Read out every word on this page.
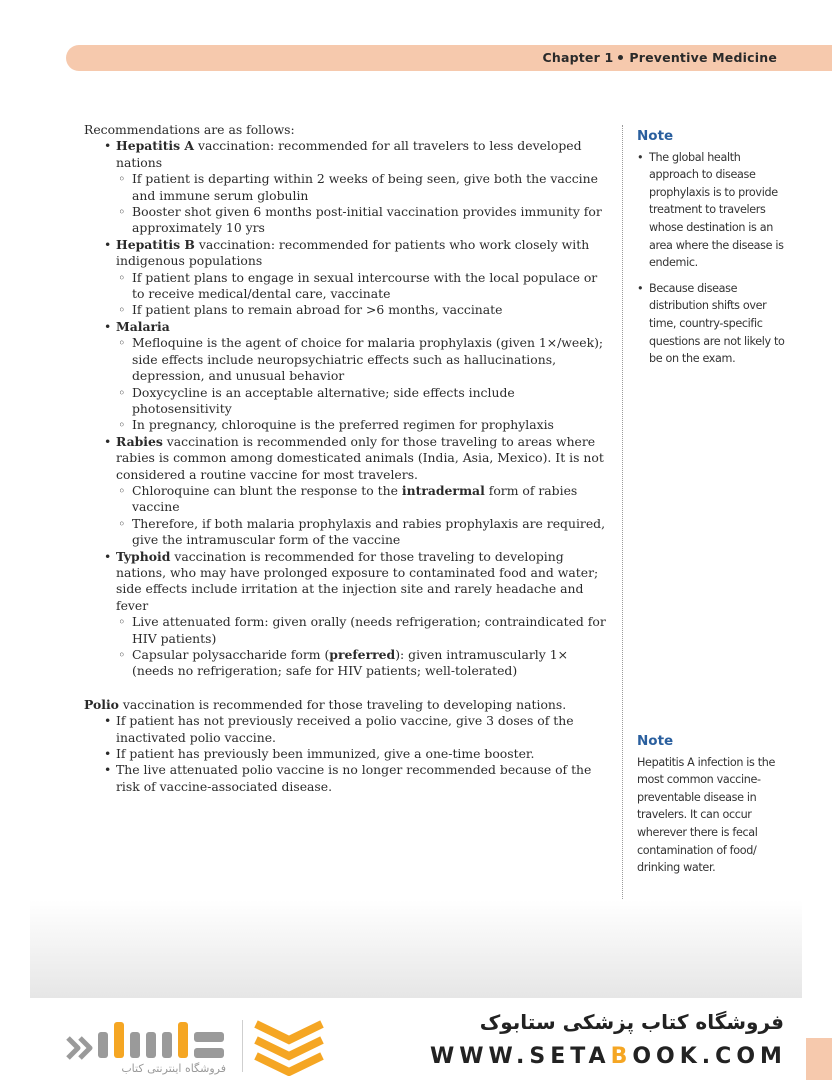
Chapter 1 Preventive Medicine

Recommendations are as follows:

• Hepatitis A vaccination: recommended for all travelers to less developed nations

◦ If patient is departing within 2 weeks of being seen, give both the vaccine and immune serum globulin

◦ Booster shot given 6 months post-initial vaccination provides immunity for approximately 10 yrs

• Hepatitis B vaccination: recommended for patients who work closely with indigenous populations

◦ If patient plans to engage in sexual intercourse with the local populace or to receive medical/dental care, vaccinate

◦ If patient plans to remain abroad for >6 months, vaccinate

• Malaria

◦ Mefloquine is the agent of choice for malaria prophylaxis (given 1×/week); side effects include neuropsychiatric effects such as hallucinations, depression, and unusual behavior

◦ Doxycycline is an acceptable alternative; side effects include photosensitivity

◦ In pregnancy, chloroquine is the preferred regimen for prophylaxis

• Rabies vaccination is recommended only for those traveling to areas where rabies is common among domesticated animals (India, Asia, Mexico). It is not considered a routine vaccine for most travelers.

◦ Chloroquine can blunt the response to the intradermal form of rabies vaccine

◦ Therefore, if both malaria prophylaxis and rabies prophylaxis are required, give the intramuscular form of the vaccine

• Typhoid vaccination is recommended for those traveling to developing nations, who may have prolonged exposure to contaminated food and water; side effects include irritation at the injection site and rarely headache and fever

◦ Live attenuated form: given orally (needs refrigeration; contraindicated for HIV patients)

◦ Capsular polysaccharide form (preferred): given intramuscularly 1× (needs no refrigeration; safe for HIV patients; well-tolerated)

Polio vaccination is recommended for those traveling to developing nations.

• If patient has not previously received a polio vaccine, give 3 doses of the inactivated polio vaccine.

• If patient has previously been immunized, give a one-time booster.

• The live attenuated polio vaccine is no longer recommended because of the risk of vaccine-associated disease.

Note

• The global health approach to disease prophylaxis is to provide treatment to travelers whose destination is an area where the disease is endemic.

• Because disease distribution shifts over time, country-specific questions are not likely to be on the exam.

Note

Hepatitis A infection is the most common vaccine-preventable disease in travelers. It can occur wherever there is fecal contamination of food/ drinking water.

فروشگاه اینترنتی کتاب
فروشگاه کتاب پزشکی ستابوک
WWW.SETABOOK.COM
